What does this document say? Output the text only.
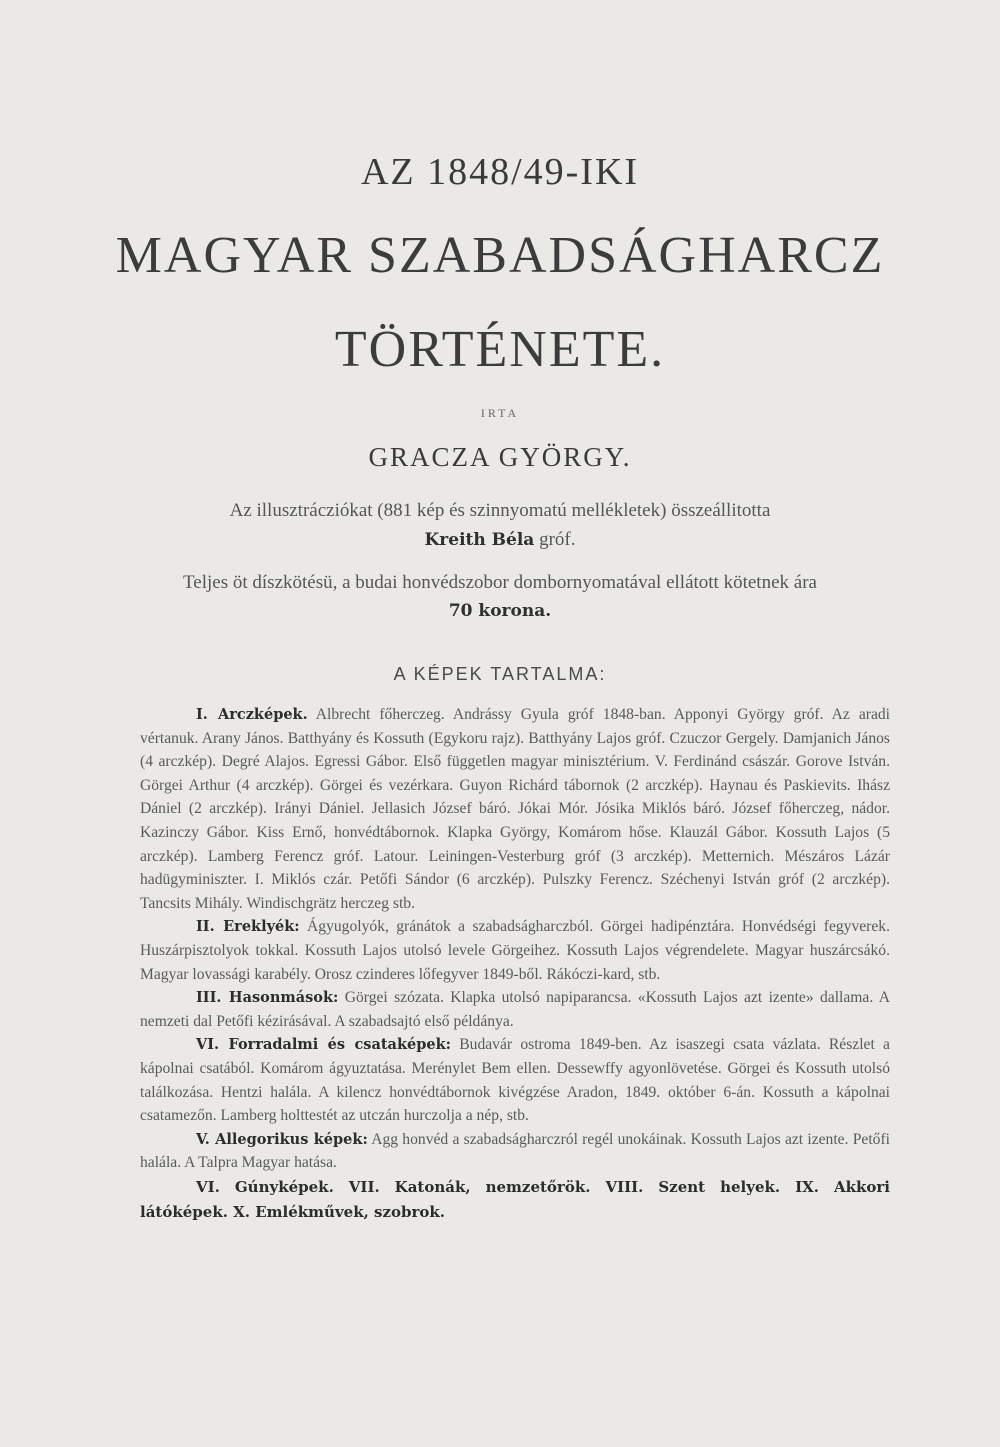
AZ 1848/49-IKI
MAGYAR SZABADSÁGHARCZ
TÖRTÉNETE.
IRTA
GRACZA GYÖRGY.
Az illusztrácziókat (881 kép és szinnyomatú mellékletek) összeállitotta
Kreith Béla gróf.
Teljes öt díszkötésü, a budai honvédszobor dombornyomatával ellátott kötetnek ára
70 korona.
A KÉPEK TARTALMA:

I. Arczképek. Albrecht főherczeg. Andrássy Gyula gróf 1848-ban. Apponyi György gróf. Az aradi vértanuk. Arany János. Batthyány és Kossuth (Egykoru rajz). Batthyány Lajos gróf. Czuczor Gergely. Damjanich János (4 arczkép). Degré Alajos. Egressi Gábor. Első független magyar minisztérium. V. Ferdinánd császár. Gorove István. Görgei Arthur (4 arczkép). Görgei és vezérkara. Guyon Richárd tábornok (2 arczkép). Haynau és Paskievits. Ihász Dániel (2 arczkép). Irányi Dániel. Jellasich József báró. Jókai Mór. Jósika Miklós báró. József főherczeg, nádor. Kazinczy Gábor. Kiss Ernő, honvédtábornok. Klapka György, Komárom hőse. Klauzál Gábor. Kossuth Lajos (5 arczkép). Lamberg Ferencz gróf. Latour. Leiningen-Vesterburg gróf (3 arczkép). Metternich. Mészáros Lázár hadügyminiszter. I. Miklós czár. Petőfi Sándor (6 arczkép). Pulszky Ferencz. Széchenyi István gróf (2 arczkép). Tancsits Mihály. Windischgrätz herczeg stb.

II. Ereklyék: Ágyugolyók, gránátok a szabadságharczból. Görgei hadipénztára. Honvédségi fegyverek. Huszárpisztolyok tokkal. Kossuth Lajos utolsó levele Görgeihez. Kossuth Lajos végrendelete. Magyar huszárcsákó. Magyar lovassági karabély. Orosz czinderes lőfegyver 1849-ből. Rákóczi-kard, stb.

III. Hasonmások: Görgei szózata. Klapka utolsó napiparancsa. «Kossuth Lajos azt izente» dallama. A nemzeti dal Petőfi kézirásával. A szabadsajtó első példánya.

VI. Forradalmi és csataképek: Budavár ostroma 1849-ben. Az isaszegi csata vázlata. Részlet a kápolnai csatából. Komárom ágyuztatása. Merénylet Bem ellen. Dessewffy agyonlövetése. Görgei és Kossuth utolsó találkozása. Hentzi halála. A kilencz honvédtábornok kivégzése Aradon, 1849. október 6-án. Kossuth a kápolnai csatamezőn. Lamberg holttestét az utczán hurczolja a nép, stb.

V. Allegorikus képek: Agg honvéd a szabadságharczról regél unokáinak. Kossuth Lajos azt izente. Petőfi halála. A Talpra Magyar hatása.

VI. Gúnyképek. VII. Katonák, nemzetőrök. VIII. Szent helyek. IX. Akkori látóképek. X. Emlékművek, szobrok.
